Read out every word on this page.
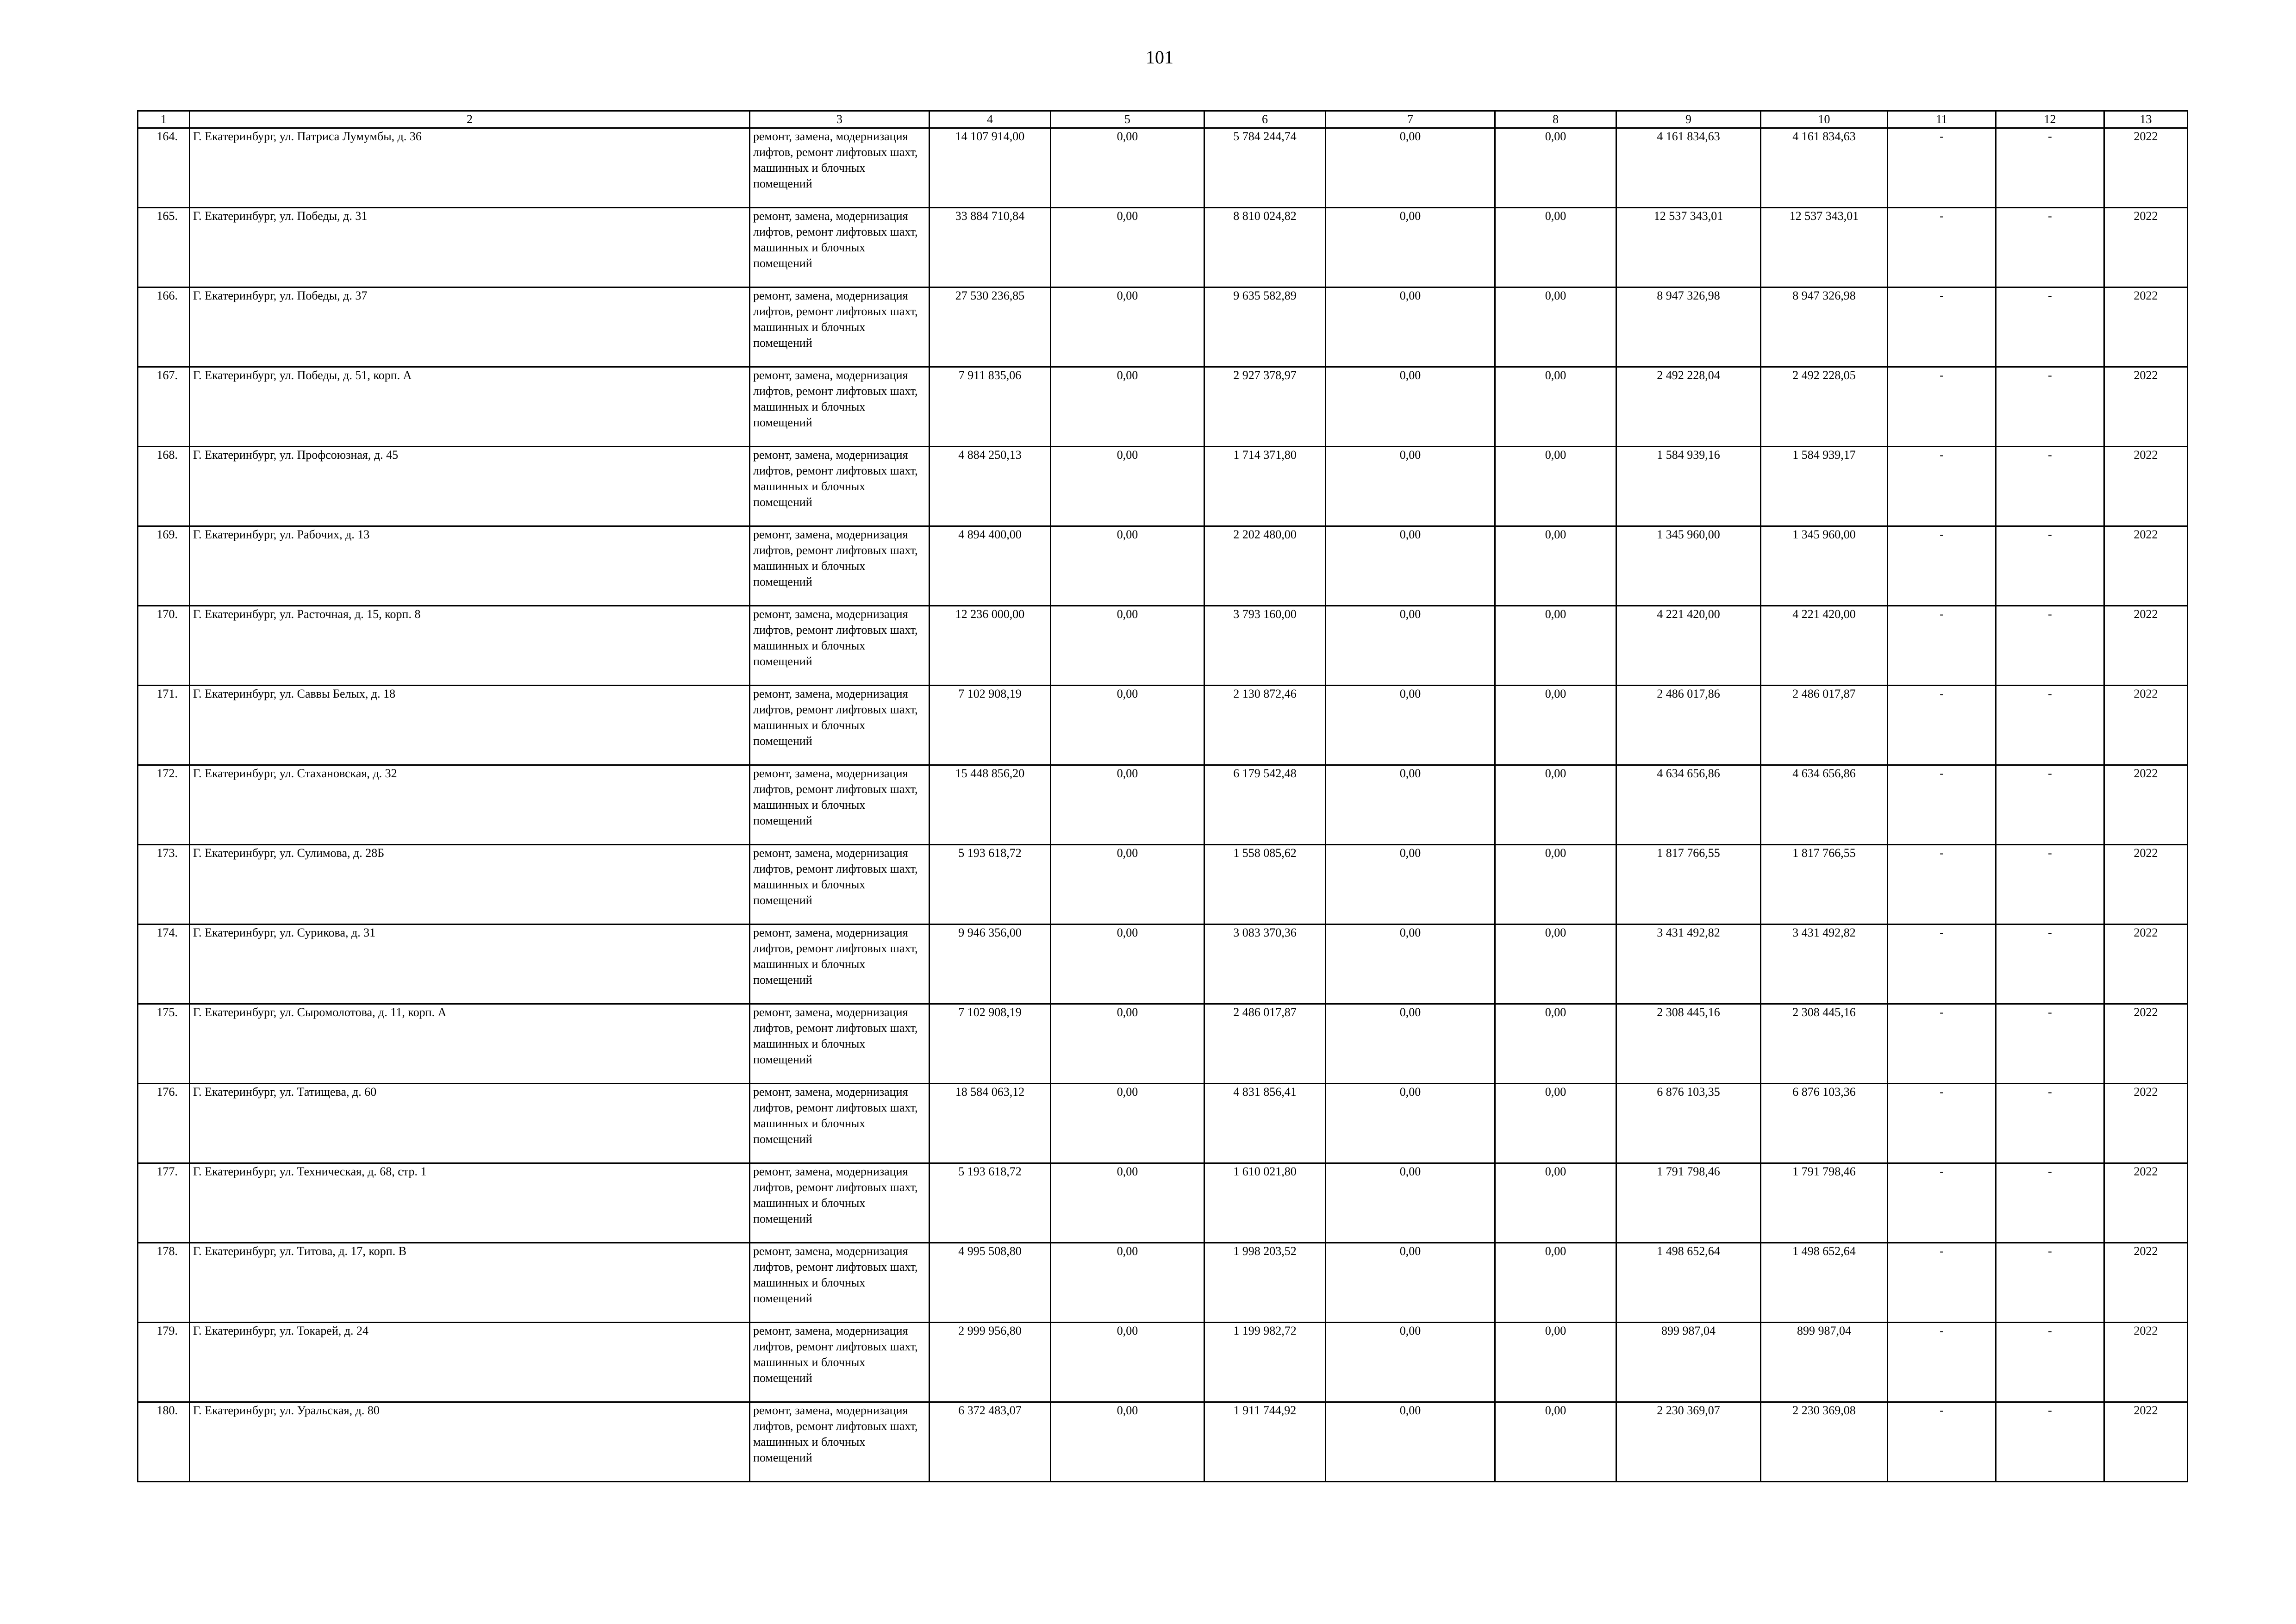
101
1	2	3	4	5	6	7	8	9	10	11	12	13
164.	Г. Екатеринбург, ул. Патриса Лумумбы, д. 36	ремонт, замена, модернизация лифтов, ремонт лифтовых шахт, машинных и блочных помещений	14 107 914,00	0,00	5 784 244,74	0,00	0,00	4 161 834,63	4 161 834,63	-	-	2022
165.	Г. Екатеринбург, ул. Победы, д. 31	ремонт, замена, модернизация лифтов, ремонт лифтовых шахт, машинных и блочных помещений	33 884 710,84	0,00	8 810 024,82	0,00	0,00	12 537 343,01	12 537 343,01	-	-	2022
166.	Г. Екатеринбург, ул. Победы, д. 37	ремонт, замена, модернизация лифтов, ремонт лифтовых шахт, машинных и блочных помещений	27 530 236,85	0,00	9 635 582,89	0,00	0,00	8 947 326,98	8 947 326,98	-	-	2022
167.	Г. Екатеринбург, ул. Победы, д. 51, корп. А	ремонт, замена, модернизация лифтов, ремонт лифтовых шахт, машинных и блочных помещений	7 911 835,06	0,00	2 927 378,97	0,00	0,00	2 492 228,04	2 492 228,05	-	-	2022
168.	Г. Екатеринбург, ул. Профсоюзная, д. 45	ремонт, замена, модернизация лифтов, ремонт лифтовых шахт, машинных и блочных помещений	4 884 250,13	0,00	1 714 371,80	0,00	0,00	1 584 939,16	1 584 939,17	-	-	2022
169.	Г. Екатеринбург, ул. Рабочих, д. 13	ремонт, замена, модернизация лифтов, ремонт лифтовых шахт, машинных и блочных помещений	4 894 400,00	0,00	2 202 480,00	0,00	0,00	1 345 960,00	1 345 960,00	-	-	2022
170.	Г. Екатеринбург, ул. Расточная, д. 15, корп. 8	ремонт, замена, модернизация лифтов, ремонт лифтовых шахт, машинных и блочных помещений	12 236 000,00	0,00	3 793 160,00	0,00	0,00	4 221 420,00	4 221 420,00	-	-	2022
171.	Г. Екатеринбург, ул. Саввы Белых, д. 18	ремонт, замена, модернизация лифтов, ремонт лифтовых шахт, машинных и блочных помещений	7 102 908,19	0,00	2 130 872,46	0,00	0,00	2 486 017,86	2 486 017,87	-	-	2022
172.	Г. Екатеринбург, ул. Стахановская, д. 32	ремонт, замена, модернизация лифтов, ремонт лифтовых шахт, машинных и блочных помещений	15 448 856,20	0,00	6 179 542,48	0,00	0,00	4 634 656,86	4 634 656,86	-	-	2022
173.	Г. Екатеринбург, ул. Сулимова, д. 28Б	ремонт, замена, модернизация лифтов, ремонт лифтовых шахт, машинных и блочных помещений	5 193 618,72	0,00	1 558 085,62	0,00	0,00	1 817 766,55	1 817 766,55	-	-	2022
174.	Г. Екатеринбург, ул. Сурикова, д. 31	ремонт, замена, модернизация лифтов, ремонт лифтовых шахт, машинных и блочных помещений	9 946 356,00	0,00	3 083 370,36	0,00	0,00	3 431 492,82	3 431 492,82	-	-	2022
175.	Г. Екатеринбург, ул. Сыромолотова, д. 11, корп. А	ремонт, замена, модернизация лифтов, ремонт лифтовых шахт, машинных и блочных помещений	7 102 908,19	0,00	2 486 017,87	0,00	0,00	2 308 445,16	2 308 445,16	-	-	2022
176.	Г. Екатеринбург, ул. Татищева, д. 60	ремонт, замена, модернизация лифтов, ремонт лифтовых шахт, машинных и блочных помещений	18 584 063,12	0,00	4 831 856,41	0,00	0,00	6 876 103,35	6 876 103,36	-	-	2022
177.	Г. Екатеринбург, ул. Техническая, д. 68, стр. 1	ремонт, замена, модернизация лифтов, ремонт лифтовых шахт, машинных и блочных помещений	5 193 618,72	0,00	1 610 021,80	0,00	0,00	1 791 798,46	1 791 798,46	-	-	2022
178.	Г. Екатеринбург, ул. Титова, д. 17, корп. В	ремонт, замена, модернизация лифтов, ремонт лифтовых шахт, машинных и блочных помещений	4 995 508,80	0,00	1 998 203,52	0,00	0,00	1 498 652,64	1 498 652,64	-	-	2022
179.	Г. Екатеринбург, ул. Токарей, д. 24	ремонт, замена, модернизация лифтов, ремонт лифтовых шахт, машинных и блочных помещений	2 999 956,80	0,00	1 199 982,72	0,00	0,00	899 987,04	899 987,04	-	-	2022
180.	Г. Екатеринбург, ул. Уральская, д. 80	ремонт, замена, модернизация лифтов, ремонт лифтовых шахт, машинных и блочных помещений	6 372 483,07	0,00	1 911 744,92	0,00	0,00	2 230 369,07	2 230 369,08	-	-	2022
